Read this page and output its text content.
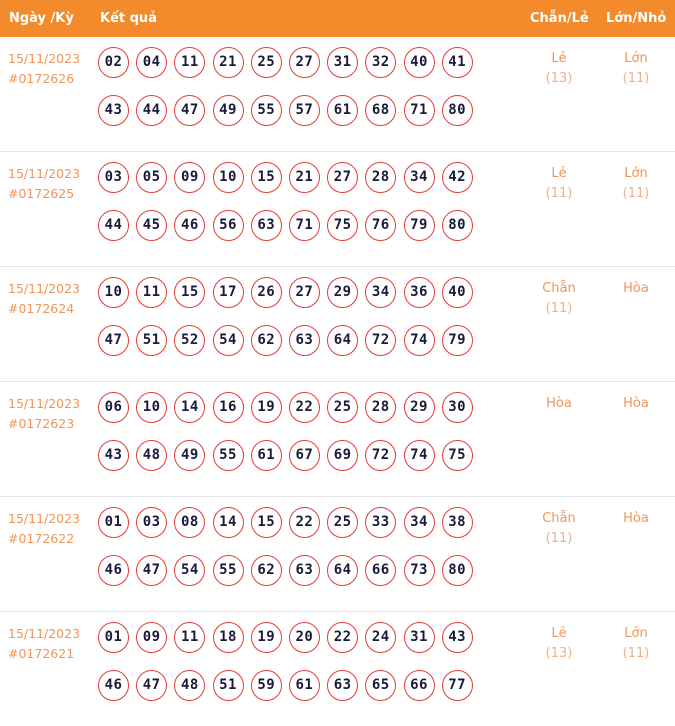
Ngày /Kỳ Kết quả	Chẵn/Lẻ Lớn/Nhỏ
15/11/2023
#0172626
02 04 11 21 25 27 31 32 40 4143 44 47 49 55 57 61 68 71 80
Lẻ
(13)
Lớn
(11)
15/11/2023
#0172625
03 05 09 10 15 21 27 28 34 4244 45 46 56 63 71 75 76 79 80
Lẻ
(11)
Lớn
(11)
15/11/2023
#0172624
10 11 15 17 26 27 29 34 36 4047 51 52 54 62 63 64 72 74 79
Chẵn
(11)
Hòa
15/11/2023
#0172623
06 10 14 16 19 22 25 28 29 3043 48 49 55 61 67 69 72 74 75
Hòa	Hòa
15/11/2023
#0172622
01 03 08 14 15 22 25 33 34 3846 47 54 55 62 63 64 66 73 80
Chẵn
(11)
Hòa
15/11/2023
#0172621
01 09 11 18 19 20 22 24 31 4346 47 48 51 59 61 63 65 66 77
Lẻ
(13)
Lớn
(11)
